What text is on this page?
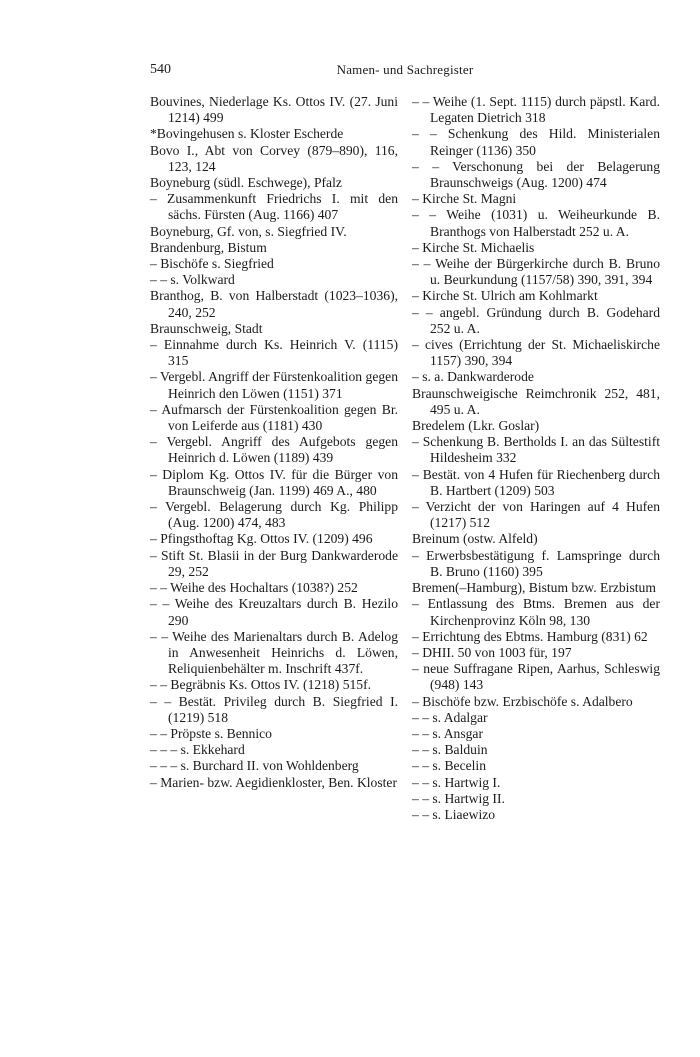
540	Namen- und Sachregister

Bouvines, Niederlage Ks. Ottos IV. (27. Juni 1214) 499

*Bovingehusen s. Kloster Escherde

Bovo I., Abt von Corvey (879–890), 116, 123, 124

Boyneburg (südl. Eschwege), Pfalz

– Zusammenkunft Friedrichs I. mit den sächs. Fürsten (Aug. 1166) 407

Boyneburg, Gf. von, s. Siegfried IV.

Brandenburg, Bistum

– Bischöfe s. Siegfried

– – s. Volkward

Branthog, B. von Halberstadt (1023–1036), 240, 252

Braunschweig, Stadt

– Einnahme durch Ks. Heinrich V. (1115) 315

– Vergebl. Angriff der Fürstenkoalition gegen Heinrich den Löwen (1151) 371

– Aufmarsch der Fürstenkoalition gegen Br. von Leiferde aus (1181) 430

– Vergebl. Angriff des Aufgebots gegen Heinrich d. Löwen (1189) 439

– Diplom Kg. Ottos IV. für die Bürger von Braunschweig (Jan. 1199) 469 A., 480

– Vergebl. Belagerung durch Kg. Philipp (Aug. 1200) 474, 483

– Pfingsthoftag Kg. Ottos IV. (1209) 496

– Stift St. Blasii in der Burg Dankwarderode 29, 252

– – Weihe des Hochaltars (1038?) 252

– – Weihe des Kreuzaltars durch B. Hezilo 290

– – Weihe des Marienaltars durch B. Adelog in Anwesenheit Heinrichs d. Löwen, Reliquienbehälter m. Inschrift 437f.

– – Begräbnis Ks. Ottos IV. (1218) 515f.

– – Bestät. Privileg durch B. Siegfried I. (1219) 518

– – Pröpste s. Bennico

– – – s. Ekkehard

– – – s. Burchard II. von Wohldenberg

– Marien- bzw. Aegidienkloster, Ben. Kloster

– – Weihe (1. Sept. 1115) durch päpstl. Kard. Legaten Dietrich 318

– – Schenkung des Hild. Ministerialen Reinger (1136) 350

– – Verschonung bei der Belagerung Braunschweigs (Aug. 1200) 474

– Kirche St. Magni

– – Weihe (1031) u. Weiheurkunde B. Branthogs von Halberstadt 252 u. A.

– Kirche St. Michaelis

– – Weihe der Bürgerkirche durch B. Bruno u. Beurkundung (1157/58) 390, 391, 394

– Kirche St. Ulrich am Kohlmarkt

– – angebl. Gründung durch B. Godehard 252 u. A.

– cives (Errichtung der St. Michaeliskirche 1157) 390, 394

– s. a. Dankwarderode

Braunschweigische Reimchronik 252, 481, 495 u. A.

Bredelem (Lkr. Goslar)

– Schenkung B. Bertholds I. an das Sültestift Hildesheim 332

– Bestät. von 4 Hufen für Riechenberg durch B. Hartbert (1209) 503

– Verzicht der von Haringen auf 4 Hufen (1217) 512

Breinum (ostw. Alfeld)

– Erwerbsbestätigung f. Lamspringe durch B. Bruno (1160) 395

Bremen(–Hamburg), Bistum bzw. Erzbistum

– Entlassung des Btms. Bremen aus der Kirchenprovinz Köln 98, 130

– Errichtung des Ebtms. Hamburg (831) 62

– DHII. 50 von 1003 für, 197

– neue Suffragane Ripen, Aarhus, Schleswig (948) 143

– Bischöfe bzw. Erzbischöfe s. Adalbero

– – s. Adalgar

– – s. Ansgar

– – s. Balduin

– – s. Becelin

– – s. Hartwig I.

– – s. Hartwig II.

– – s. Liaewizo
